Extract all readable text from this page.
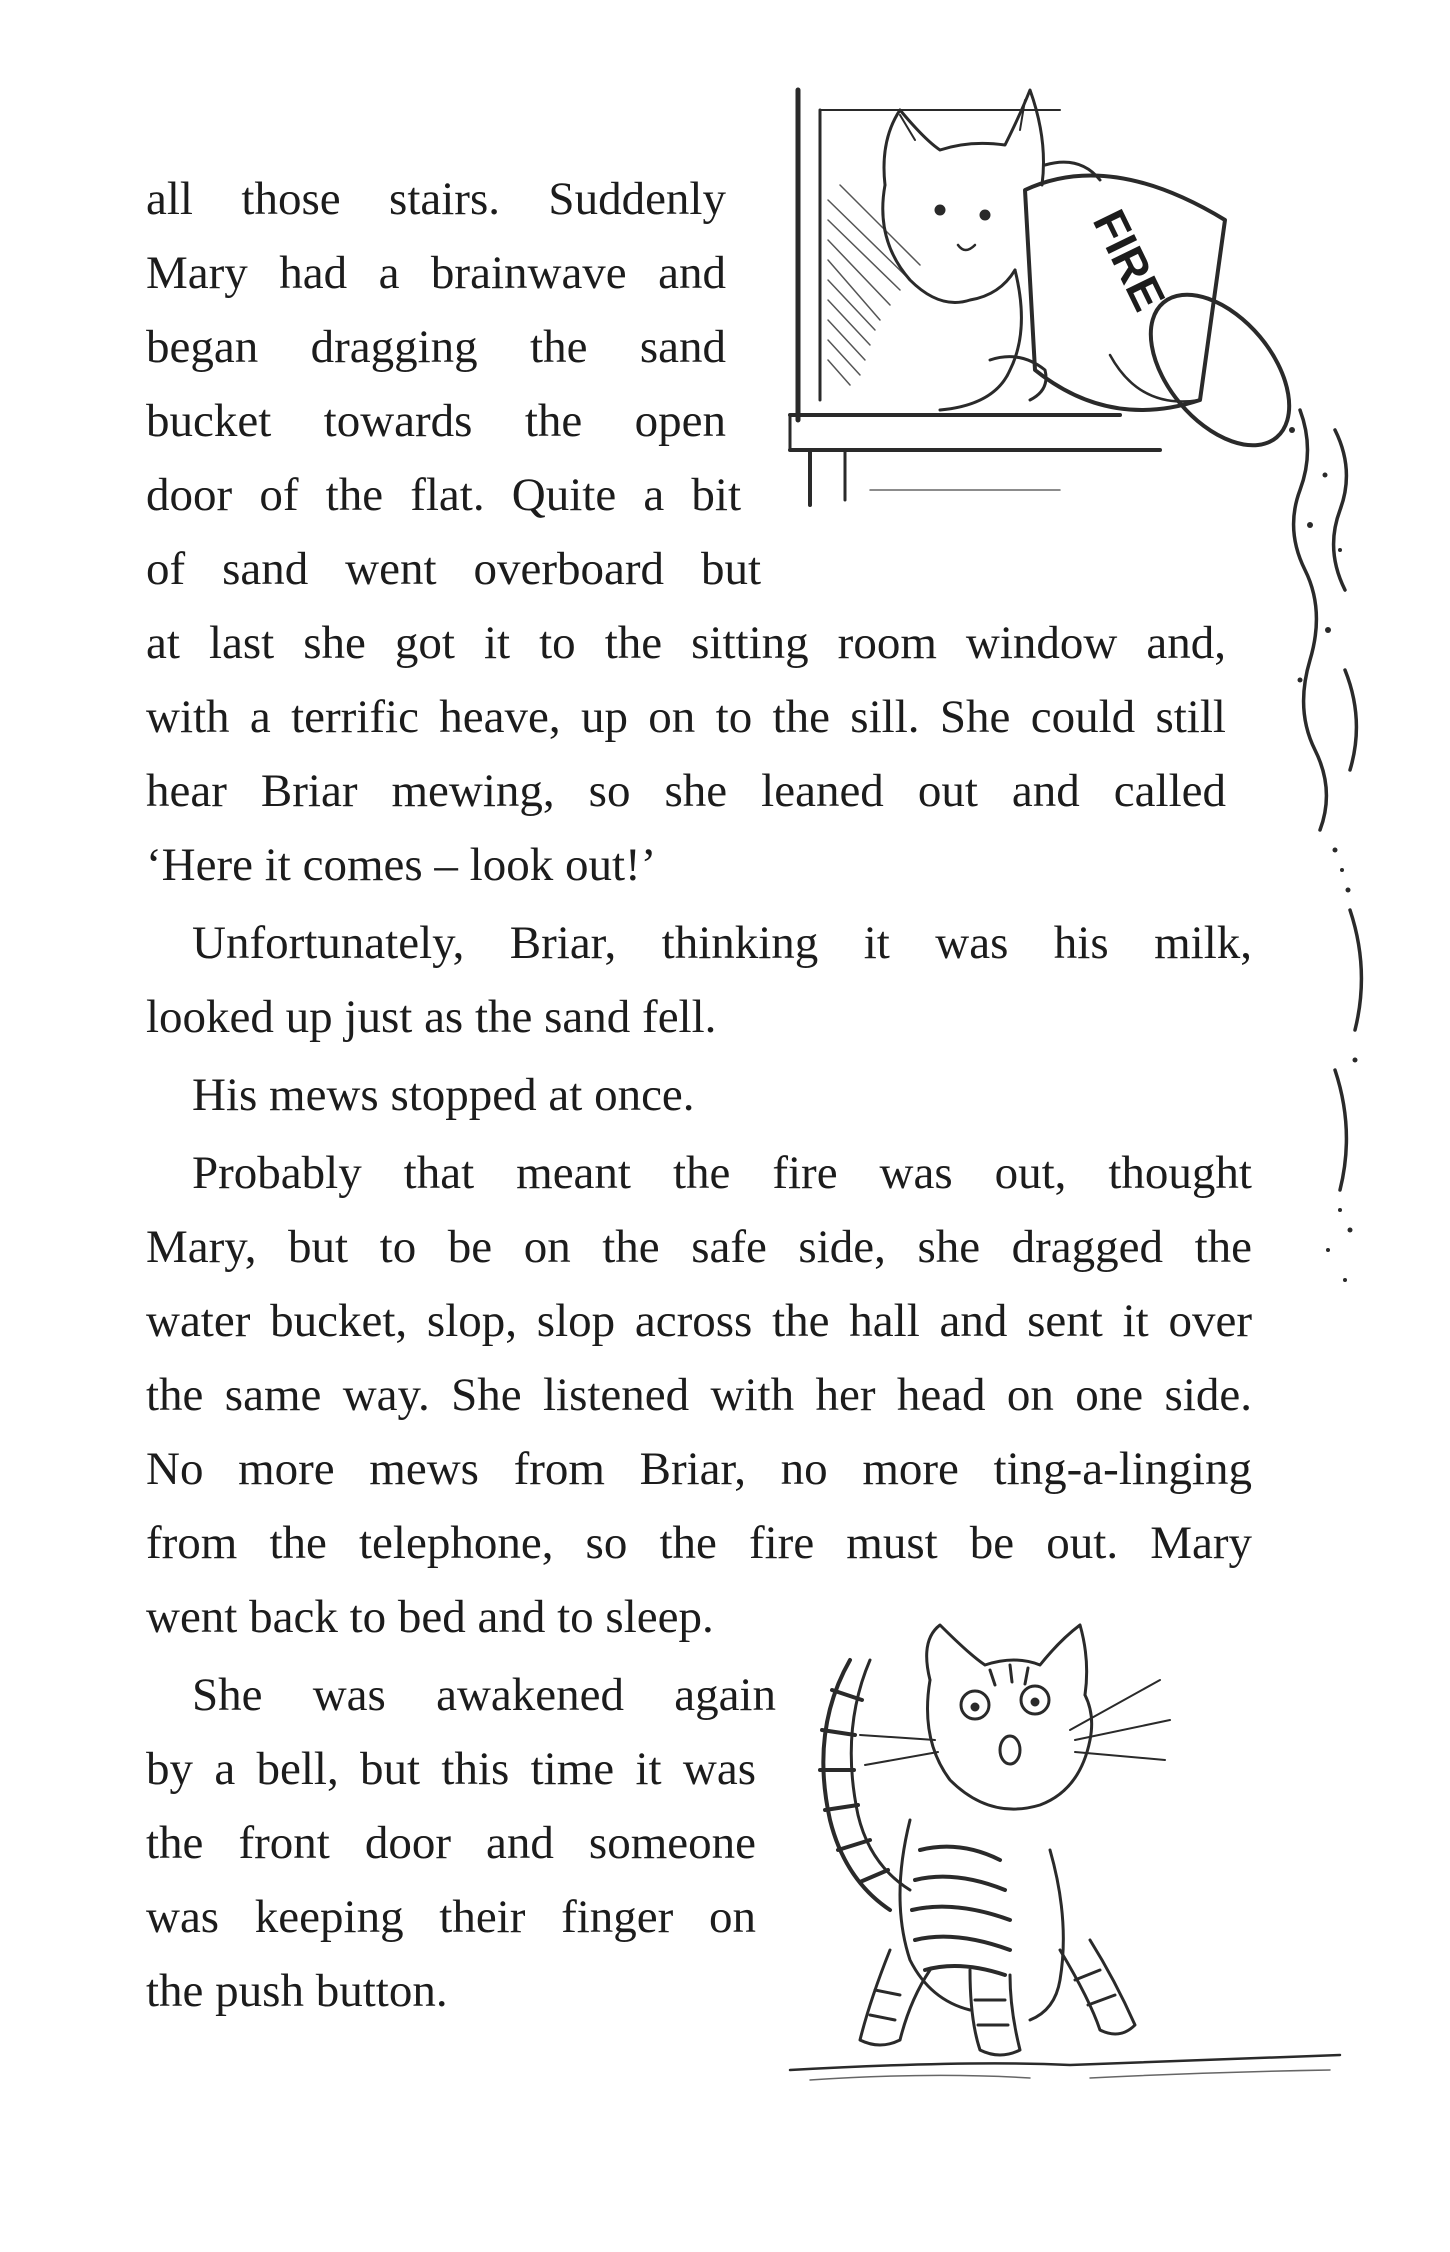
all those stairs. Suddenly

Mary had a brainwave and

began dragging the sand

bucket towards the open

door of the flat. Quite a bit

of sand went overboard but

at last she got it to the sitting room window and,

with a terrific heave, up on to the sill. She could still

hear Briar mewing, so she leaned out and called

‘Here it comes – look out!’

Unfortunately, Briar, thinking it was his milk,

looked up just as the sand fell.

His mews stopped at once.

Probably that meant the fire was out, thought

Mary, but to be on the safe side, she dragged the

water bucket, slop, slop across the hall and sent it over

the same way. She listened with her head on one side.

No more mews from Briar, no more ting-a-linging

from the telephone, so the fire must be out. Mary

went back to bed and to sleep.

She was awakened again

by a bell, but this time it was

the front door and someone

was keeping their finger on

the push button.

FIRE
